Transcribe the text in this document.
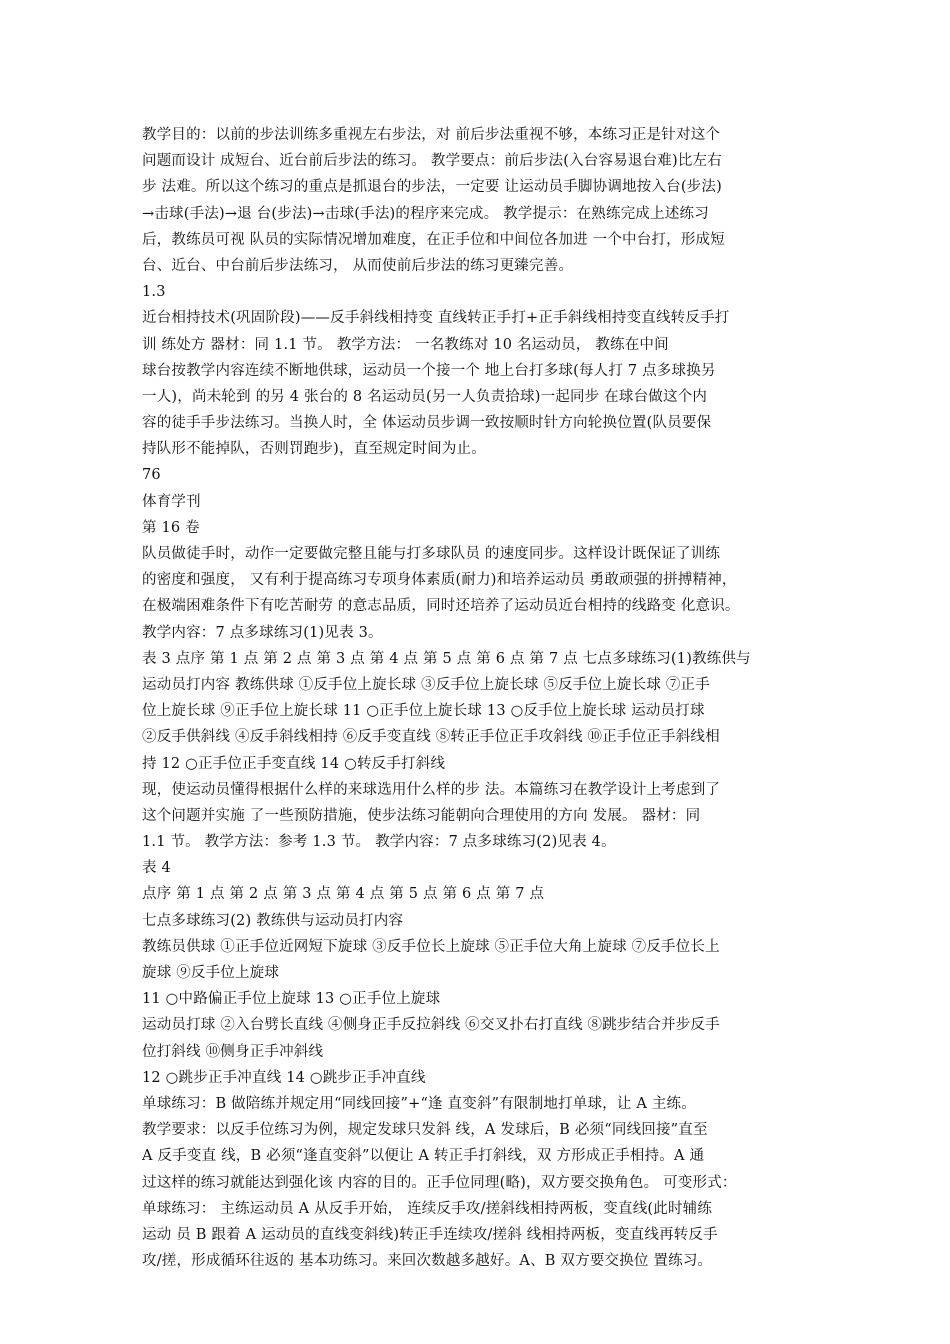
教学目的：以前的步法训练多重视左右步法，对 前后步法重视不够，本练习正是针对这个
问题而设计 成短台、近台前后步法的练习。 教学要点：前后步法(入台容易退台难)比左右
步 法难。所以这个练习的重点是抓退台的步法，一定要 让运动员手脚协调地按入台(步法)
→击球(手法)→退 台(步法)→击球(手法)的程序来完成。 教学提示：在熟练完成上述练习
后，教练员可视 队员的实际情况增加难度，在正手位和中间位各加进 一个中台打，形成短
台、近台、中台前后步法练习， 从而使前后步法的练习更臻完善。
1.3
近台相持技术(巩固阶段)——反手斜线相持变 直线转正手打+正手斜线相持变直线转反手打
训 练处方 器材：同 1.1 节。 教学方法： 一名教练对 10 名运动员， 教练在中间
球台按教学内容连续不断地供球，运动员一个接一个 地上台打多球(每人打 7 点多球换另
一人)，尚未轮到 的另 4 张台的 8 名运动员(另一人负责拾球)一起同步 在球台做这个内
容的徒手手步法练习。当换人时，全 体运动员步调一致按顺时针方向轮换位置(队员要保
持队形不能掉队，否则罚跑步)，直至规定时间为止。
76
体育学刊
第 16 卷
队员做徒手时，动作一定要做完整且能与打多球队员 的速度同步。这样设计既保证了训练
的密度和强度， 又有利于提高练习专项身体素质(耐力)和培养运动员 勇敢顽强的拼搏精神，
在极端困难条件下有吃苦耐劳 的意志品质，同时还培养了运动员近台相持的线路变 化意识。
教学内容：7 点多球练习(1)见表 3。
表 3 点序 第 1 点 第 2 点 第 3 点 第 4 点 第 5 点 第 6 点 第 7 点 七点多球练习(1)教练供与
运动员打内容 教练供球 ①反手位上旋长球 ③反手位上旋长球 ⑤反手位上旋长球 ⑦正手
位上旋长球 ⑨正手位上旋长球 11 ○正手位上旋长球 13 ○反手位上旋长球 运动员打球
②反手供斜线 ④反手斜线相持 ⑥反手变直线 ⑧转正手位正手攻斜线 ⑩正手位正手斜线相
持 12 ○正手位正手变直线 14 ○转反手打斜线
现，使运动员懂得根据什么样的来球选用什么样的步 法。本篇练习在教学设计上考虑到了
这个问题并实施 了一些预防措施，使步法练习能朝向合理使用的方向 发展。 器材：同
1.1 节。 教学方法：参考 1.3 节。 教学内容：7 点多球练习(2)见表 4。
表 4
点序 第 1 点 第 2 点 第 3 点 第 4 点 第 5 点 第 6 点 第 7 点
七点多球练习(2) 教练供与运动员打内容
教练员供球 ①正手位近网短下旋球 ③反手位长上旋球 ⑤正手位大角上旋球 ⑦反手位长上
旋球 ⑨反手位上旋球
11 ○中路偏正手位上旋球 13 ○正手位上旋球
运动员打球 ②入台劈长直线 ④侧身正手反拉斜线 ⑥交叉扑右打直线 ⑧跳步结合并步反手
位打斜线 ⑩侧身正手冲斜线
12 ○跳步正手冲直线 14 ○跳步正手冲直线
单球练习：B 做陪练并规定用“同线回接”+“逢 直变斜”有限制地打单球，让 A 主练。
教学要求：以反手位练习为例，规定发球只发斜 线，A 发球后，B 必须“同线回接”直至
A 反手变直 线，B 必须“逢直变斜”以便让 A 转正手打斜线，双 方形成正手相持。A 通
过这样的练习就能达到强化该 内容的目的。正手位同理(略)，双方要交换角色。 可变形式：
单球练习： 主练运动员 A 从反手开始， 连续反手攻/搓斜线相持两板，变直线(此时辅练
运动 员 B 跟着 A 运动员的直线变斜线)转正手连续攻/搓斜 线相持两板，变直线再转反手
攻/搓，形成循环往返的 基本功练习。来回次数越多越好。A、B 双方要交换位 置练习。
